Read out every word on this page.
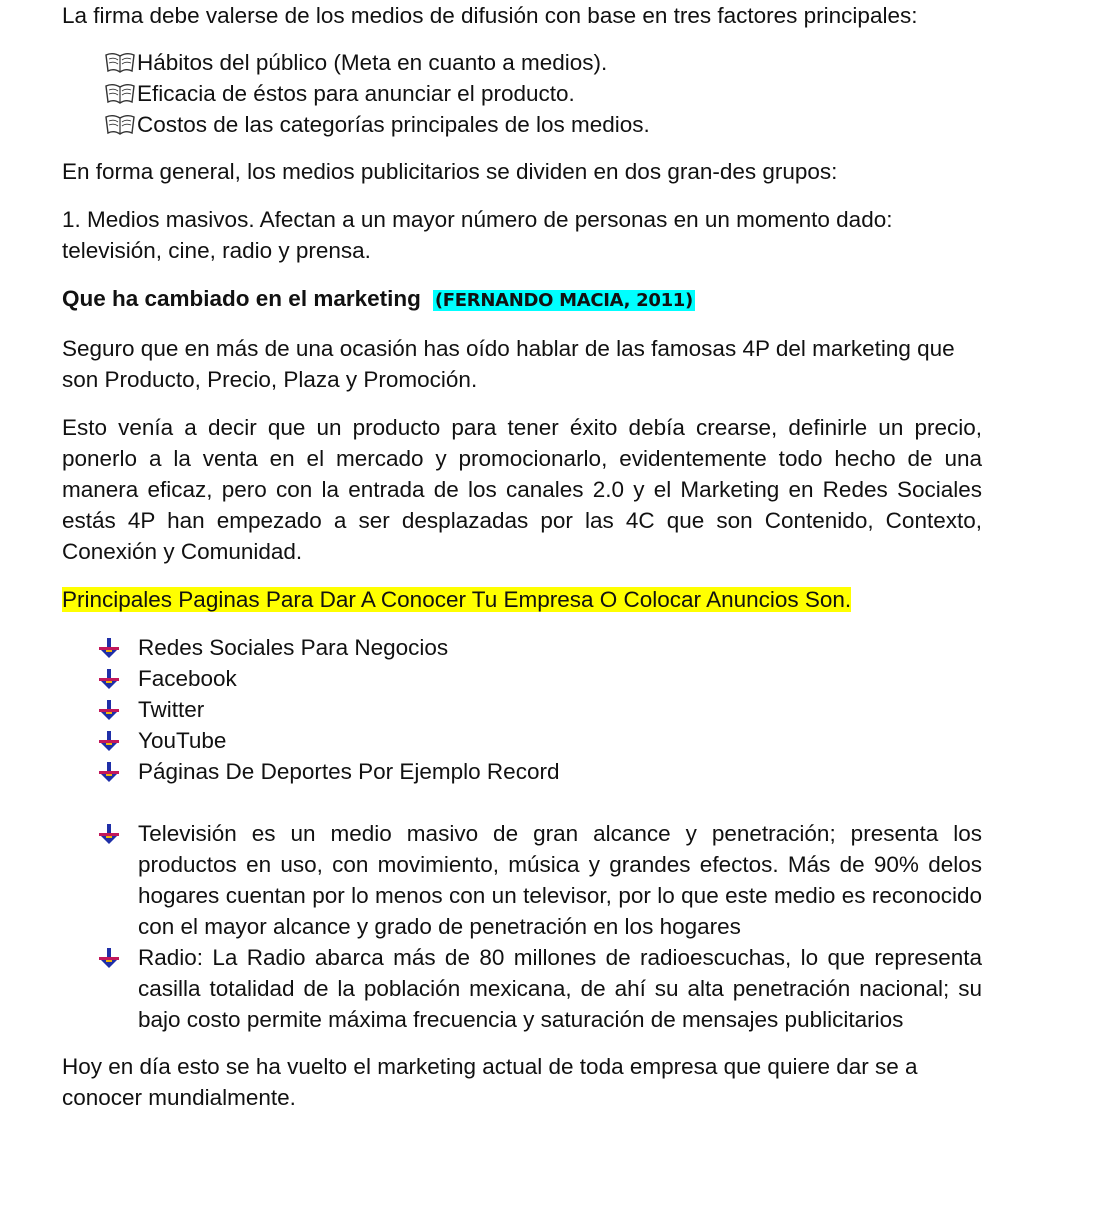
La firma debe valerse de los medios de difusión con base en tres factores principales:

Hábitos del público (Meta en cuanto a medios).
Eficacia de éstos para anunciar el producto.
Costos de las categorías principales de los medios.

En forma general, los medios publicitarios se dividen en dos gran-des grupos:

1. Medios masivos. Afectan a un mayor número de personas en un momento dado: televisión, cine, radio y prensa.

Que ha cambiado en el marketing (FERNANDO MACIA, 2011)

Seguro que en más de una ocasión has oído hablar de las famosas 4P del marketing que son Producto, Precio, Plaza y Promoción.

Esto venía a decir que un producto para tener éxito debía crearse, definirle un precio, ponerlo a la venta en el mercado y promocionarlo, evidentemente todo hecho de una manera eficaz, pero con la entrada de los canales 2.0 y el Marketing en Redes Sociales estás 4P han empezado a ser desplazadas por las 4C que son Contenido, Contexto, Conexión y Comunidad.

Principales Paginas Para Dar A Conocer Tu Empresa O Colocar Anuncios Son.

Redes Sociales Para Negocios
Facebook
Twitter
YouTube
Páginas De Deportes Por Ejemplo Record
Televisión es un medio masivo de gran alcance y penetración; presenta los productos en uso, con movimiento, música y grandes efectos. Más de 90% delos hogares cuentan por lo menos con un televisor, por lo que este medio es reconocido con el mayor alcance y grado de penetración en los hogares
Radio: La Radio abarca más de 80 millones de radioescuchas, lo que representa casilla totalidad de la población mexicana, de ahí su alta penetración nacional; su bajo costo permite máxima frecuencia y saturación de mensajes publicitarios

Hoy en día esto se ha vuelto el marketing actual de toda empresa que quiere dar se a conocer mundialmente.
